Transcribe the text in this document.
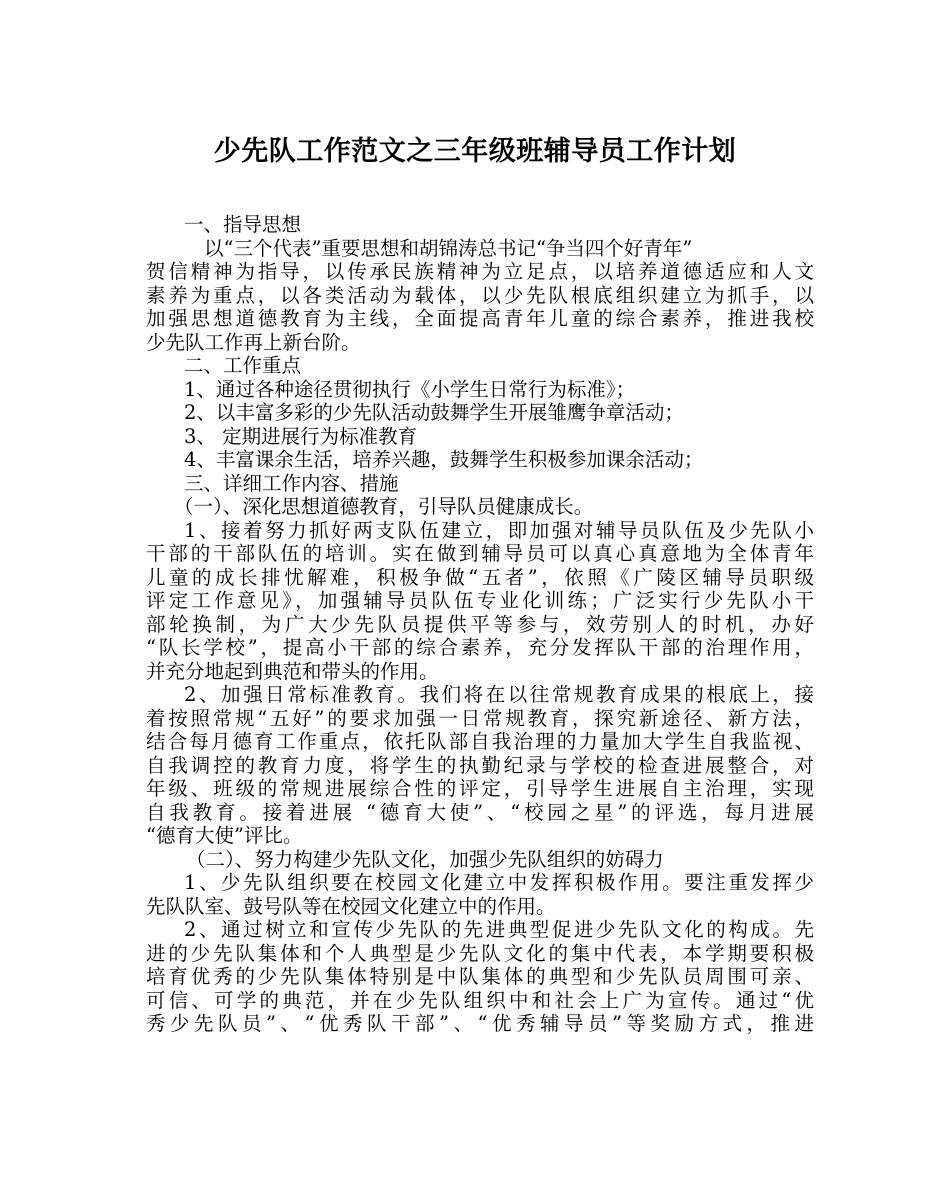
少先队工作范文之三年级班辅导员工作计划
一、指导思想
以“三个代表”重要思想和胡锦涛总书记“争当四个好青年”
贺信精神为指导，以传承民族精神为立足点，以培养道德适应和人文
素养为重点，以各类活动为载体，以少先队根底组织建立为抓手，以
加强思想道德教育为主线，全面提高青年儿童的综合素养，推进我校
少先队工作再上新台阶。
二、工作重点
1、通过各种途径贯彻执行《小学生日常行为标准》；
2、以丰富多彩的少先队活动鼓舞学生开展雏鹰争章活动；
3、 定期进展行为标准教育
4、丰富课余生活，培养兴趣，鼓舞学生积极参加课余活动；
三、详细工作内容、措施
（一）、深化思想道德教育，引导队员健康成长。
1、接着努力抓好两支队伍建立，即加强对辅导员队伍及少先队小
干部的干部队伍的培训。实在做到辅导员可以真心真意地为全体青年
儿童的成长排忧解难，积极争做“五者”，依照《广陵区辅导员职级
评定工作意见》，加强辅导员队伍专业化训练；广泛实行少先队小干
部轮换制，为广大少先队员提供平等参与，效劳别人的时机，办好
“队长学校”，提高小干部的综合素养，充分发挥队干部的治理作用，
并充分地起到典范和带头的作用。
2、加强日常标准教育。我们将在以往常规教育成果的根底上，接
着按照常规“五好”的要求加强一日常规教育，探究新途径、新方法，
结合每月德育工作重点，依托队部自我治理的力量加大学生自我监视、
自我调控的教育力度，将学生的执勤纪录与学校的检查进展整合，对
年级、班级的常规进展综合性的评定，引导学生进展自主治理，实现
自我教育。接着进展 “德育大使”、“校园之星”的评选，每月进展
“德育大使”评比。
（二）、努力构建少先队文化，加强少先队组织的妨碍力
1、少先队组织要在校园文化建立中发挥积极作用。要注重发挥少
先队队室、鼓号队等在校园文化建立中的作用。
2、通过树立和宣传少先队的先进典型促进少先队文化的构成。先
进的少先队集体和个人典型是少先队文化的集中代表，本学期要积极
培育优秀的少先队集体特别是中队集体的典型和少先队员周围可亲、
可信、可学的典范，并在少先队组织中和社会上广为宣传。通过“优
秀少先队员”、“优秀队干部”、“优秀辅导员”等奖励方式，推进
